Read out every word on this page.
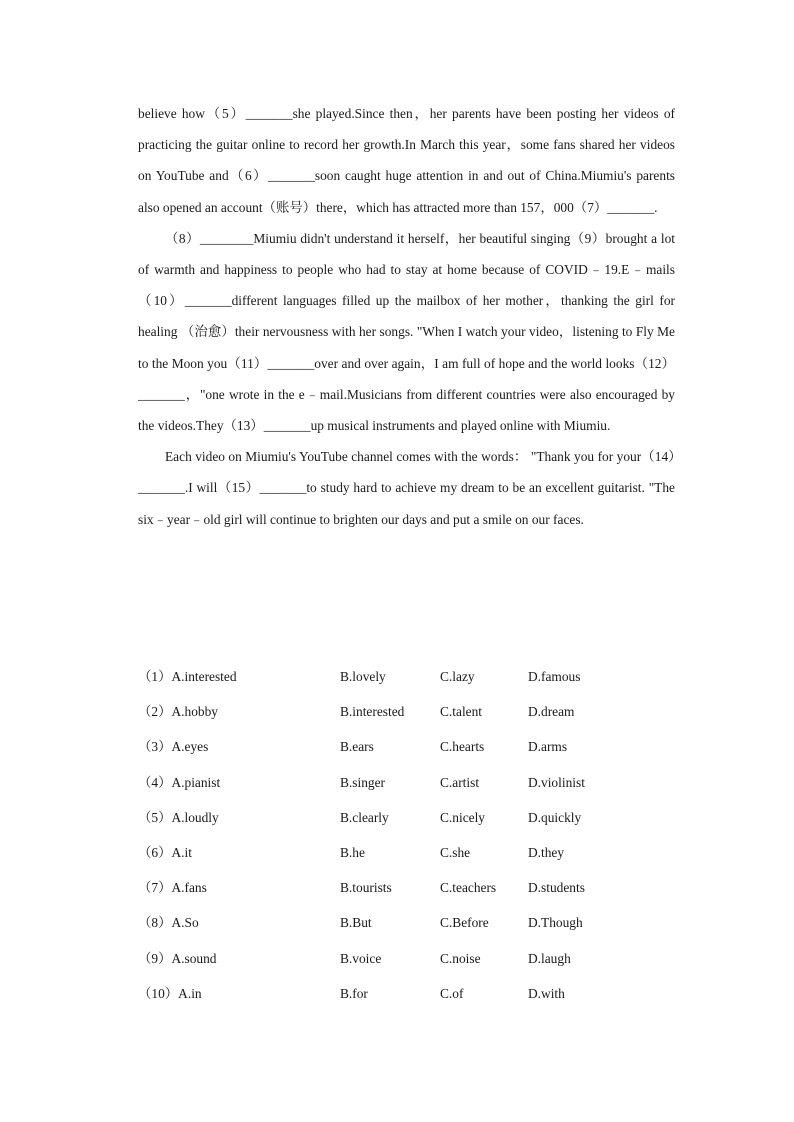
believe how（5）_______she played.Since then，her parents have been posting her videos of practicing the guitar online to record her growth.In March this year，some fans shared her videos on YouTube and（6）_______soon caught huge attention in and out of China.Miumiu's parents also opened an account（账号）there，which has attracted more than 157，000（7）_______.

（8）________Miumiu didn't understand it herself，her beautiful singing（9）brought a lot of warmth and happiness to people who had to stay at home because of COVID﹣19.E﹣mails（10）_______different languages filled up the mailbox of her mother，thanking the girl for healing （治愈）their nervousness with her songs. "When I watch your video，listening to Fly Me to the Moon you（11）_______over and over again，I am full of hope and the world looks（12）_______，"one wrote in the e﹣mail.Musicians from different countries were also encouraged by the videos.They（13）_______up musical instruments and played online with Miumiu.

Each video on Miumiu's YouTube channel comes with the words： "Thank you for your（14）_______.I will（15）_______to study hard to achieve my dream to be an excellent guitarist. "The six﹣year﹣old girl will continue to brighten our days and put a smile on our faces.

（1）A.interested	B.lovely	C.lazy	D.famous
（2）A.hobby	B.interested	C.talent	D.dream
（3）A.eyes	B.ears	C.hearts	D.arms
（4）A.pianist	B.singer	C.artist	D.violinist
（5）A.loudly	B.clearly	C.nicely	D.quickly
（6）A.it	B.he	C.she	D.they
（7）A.fans	B.tourists	C.teachers D.students
（8）A.So	B.But	C.Before	D.Though
（9）A.sound	B.voice	C.noise	D.laugh
（10）A.in	B.for	C.of	D.with
